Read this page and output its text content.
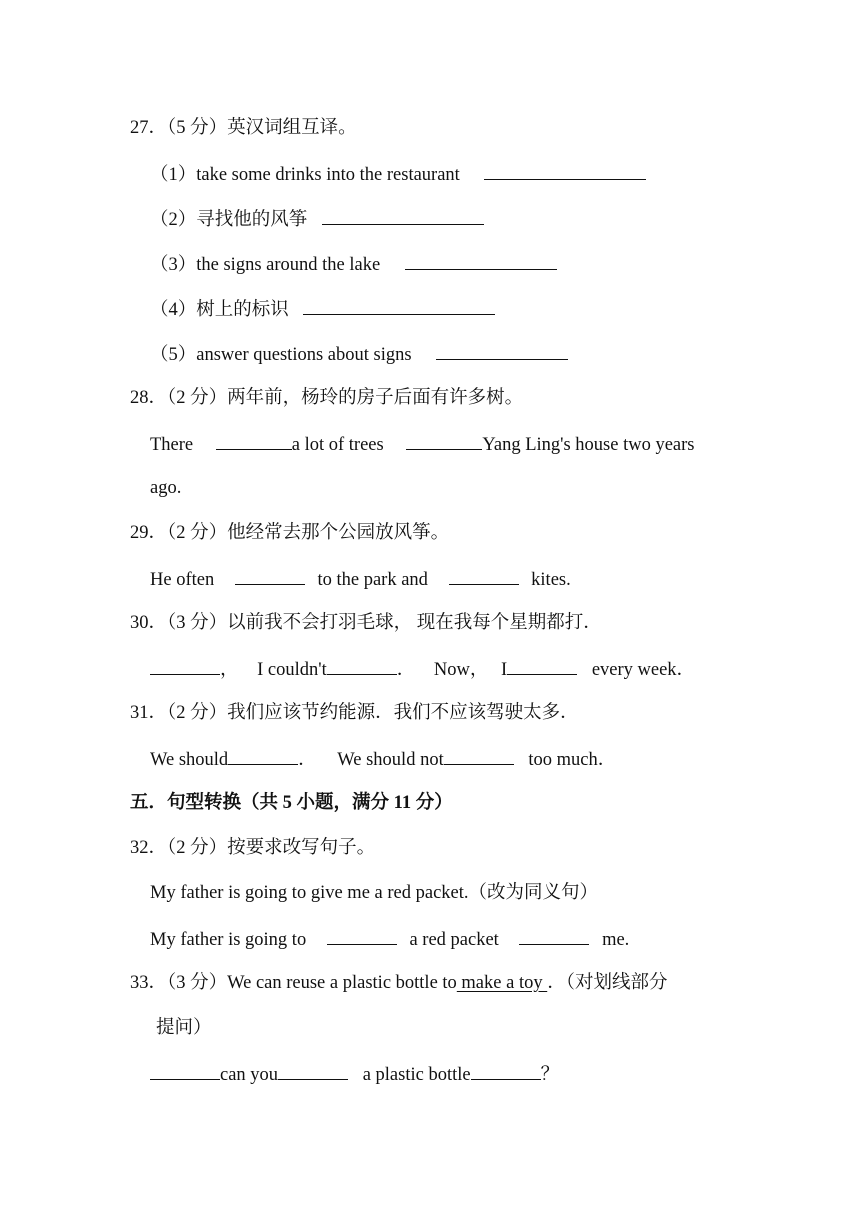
27．（5 分）英汉词组互译。
（1）take some drinks into the restaurant
（2）寻找他的风筝
（3）the signs around the lake
（4）树上的标识
（5）answer questions about signs
28．（2 分）两年前，杨玲的房子后面有许多树。
There	a lot of trees	Yang Ling's house two years
ago.
29．（2 分）他经常去那个公园放风筝。
He often	to the park and	kites.
30．（3 分）以前我不会打羽毛球， 现在我每个星期都打．
， I couldn't	． Now， I	every week．
31．（2 分）我们应该节约能源．我们不应该驾驶太多．
We should	． We should not	too much．
五．句型转换（共 5 小题，满分 11 分）
32．（2 分）按要求改写句子。
My father is going to give me a red packet.（改为同义句）
My father is going to	a red packet	me.
33．（3 分）We can reuse a plastic bottle to make a toy ．（对划线部分
提问）
can you	a plastic bottle	？
